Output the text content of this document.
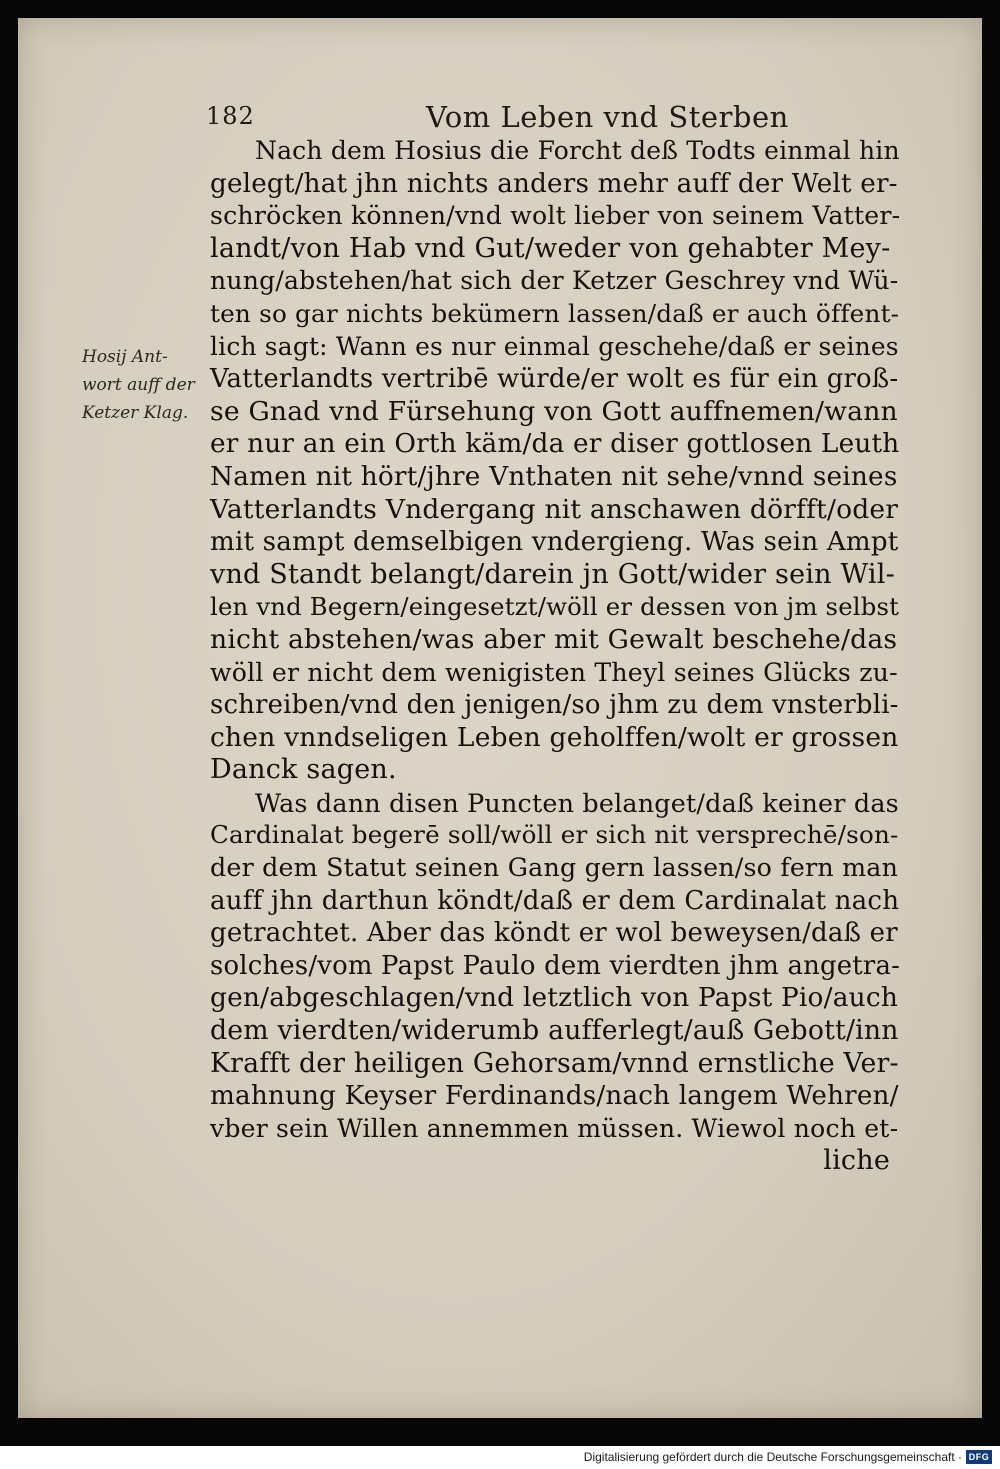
182	Vom Leben vnd Sterben
Hosij Ant-
wort auff der
Ketzer Klag.
Nach dem Hosius die Forcht deß Todts einmal hin
gelegt/hat jhn nichts anders mehr auff der Welt er-
schröcken können/vnd wolt lieber von seinem Vatter-
landt/von Hab vnd Gut/weder von gehabter Mey-
nung/abstehen/hat sich der Ketzer Geschrey vnd Wü-
ten so gar nichts bekümern lassen/daß er auch öffent-
lich sagt: Wann es nur einmal geschehe/daß er seines
Vatterlandts vertribē würde/er wolt es für ein groß-
se Gnad vnd Fürsehung von Gott auffnemen/wann
er nur an ein Orth käm/da er diser gottlosen Leuth
Namen nit hört/jhre Vnthaten nit sehe/vnnd seines
Vatterlandts Vndergang nit anschawen dörfft/oder
mit sampt demselbigen vndergieng. Was sein Ampt
vnd Standt belangt/darein jn Gott/wider sein Wil-
len vnd Begern/eingesetzt/wöll er dessen von jm selbst
nicht abstehen/was aber mit Gewalt beschehe/das
wöll er nicht dem wenigisten Theyl seines Glücks zu-
schreiben/vnd den jenigen/so jhm zu dem vnsterbli-
chen vnndseligen Leben geholffen/wolt er grossen
Danck sagen.
Was dann disen Puncten belanget/daß keiner das
Cardinalat begerē soll/wöll er sich nit versprechē/son-
der dem Statut seinen Gang gern lassen/so fern man
auff jhn darthun köndt/daß er dem Cardinalat nach
getrachtet. Aber das köndt er wol beweysen/daß er
solches/vom Papst Paulo dem vierdten jhm angetra-
gen/abgeschlagen/vnd letztlich von Papst Pio/auch
dem vierdten/widerumb aufferlegt/auß Gebott/inn
Krafft der heiligen Gehorsam/vnnd ernstliche Ver-
mahnung Keyser Ferdinands/nach langem Wehren/
vber sein Willen annemmen müssen. Wiewol noch et-
liche
Digitalisierung gefördert durch die Deutsche Forschungsgemeinschaft · DFG
